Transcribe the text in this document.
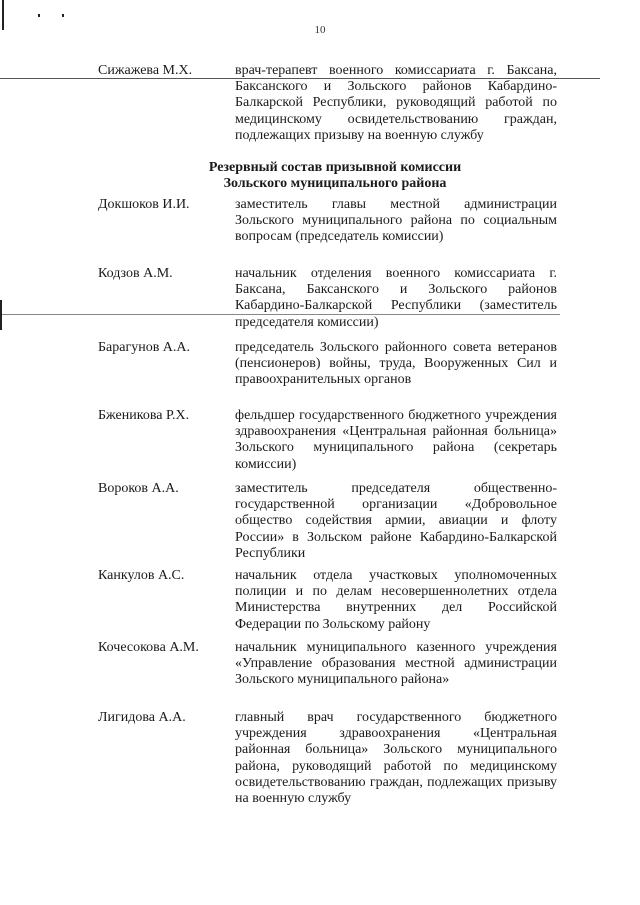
10
Сижажева М.Х.	врач-терапевт военного комиссариата г. Баксана, Баксанского и Зольского районов Кабардино-Балкарской Республики, руководящий работой по медицинскому освидетельствованию граждан, подлежащих призыву на военную службу
Резервный состав призывной комиссии
Зольского муниципального района
Докшоков И.И.	заместитель главы местной администрации Зольского муниципального района по социальным вопросам (председатель комиссии)
Кодзов А.М.	начальник отделения военного комиссариата г. Баксана, Баксанского и Зольского районов Кабардино-Балкарской Республики (заместитель председателя комиссии)
Барагунов А.А.	председатель Зольского районного совета ветеранов (пенсионеров) войны, труда, Вооруженных Сил и правоохранительных органов
Бженикова Р.Х.	фельдшер государственного бюджетного учреждения здравоохранения «Центральная районная больница» Зольского муниципального района (секретарь комиссии)
Вороков А.А.	заместитель председателя общественно-государственной организации «Добровольное общество содействия армии, авиации и флоту России» в Зольском районе Кабардино-Балкарской Республики
Канкулов А.С.	начальник отдела участковых уполномоченных полиции и по делам несовершеннолетних отдела Министерства внутренних дел Российской Федерации по Зольскому району
Кочесокова А.М.	начальник муниципального казенного учреждения «Управление образования местной администрации Зольского муниципального района»
Лигидова А.А.	главный врач государственного бюджетного учреждения здравоохранения «Центральная районная больница» Зольского муниципального района, руководящий работой по медицинскому освидетельствованию граждан, подлежащих призыву на военную службу
